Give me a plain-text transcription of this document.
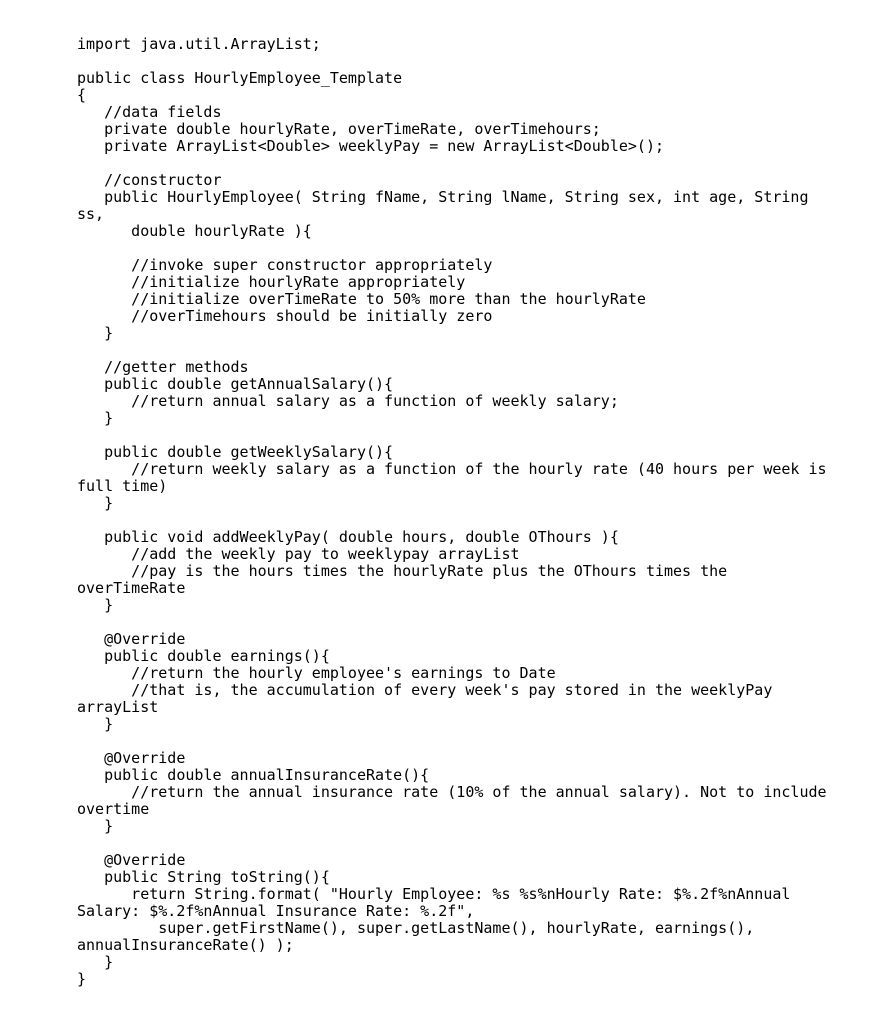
import java.util.ArrayList;
public class HourlyEmployee_Template
{
//data fields
private double hourlyRate, overTimeRate, overTimehours;
private ArrayList<Double> weeklyPay = new ArrayList<Double>();
//constructor
public HourlyEmployee( String fName, String lName, String sex, int age, String
ss,
double hourlyRate ){
//invoke super constructor appropriately
//initialize hourlyRate appropriately
//initialize overTimeRate to 50% more than the hourlyRate
//overTimehours should be initially zero
}
//getter methods
public double getAnnualSalary(){
//return annual salary as a function of weekly salary;
}
public double getWeeklySalary(){
//return weekly salary as a function of the hourly rate (40 hours per week is
full time)
}
public void addWeeklyPay( double hours, double OThours ){
//add the weekly pay to weeklypay arrayList
//pay is the hours times the hourlyRate plus the OThours times the
overTimeRate
}
@Override
public double earnings(){
//return the hourly employee's earnings to Date
//that is, the accumulation of every week's pay stored in the weeklyPay
arrayList
}
@Override
public double annualInsuranceRate(){
//return the annual insurance rate (10% of the annual salary). Not to include
overtime
}
@Override
public String toString(){
return String.format( "Hourly Employee: %s %s%nHourly Rate: $%.2f%nAnnual
Salary: $%.2f%nAnnual Insurance Rate: %.2f",
super.getFirstName(), super.getLastName(), hourlyRate, earnings(),
annualInsuranceRate() );
}
}
